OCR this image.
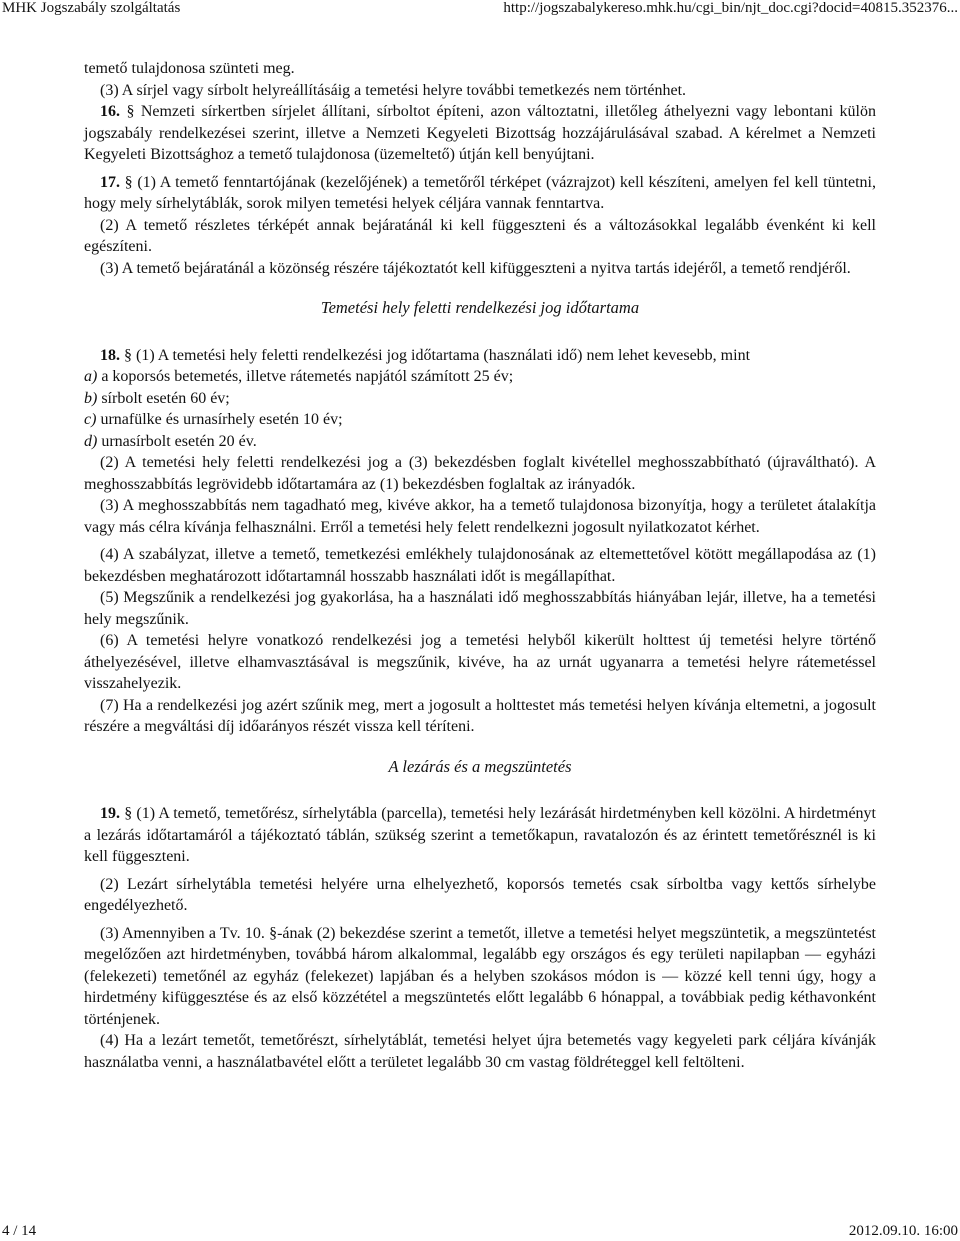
MHK Jogszabály szolgáltatás	http://jogszabalykereso.mhk.hu/cgi_bin/njt_doc.cgi?docid=40815.352376...

temető tulajdonosa szünteti meg.

(3) A sírjel vagy sírbolt helyreállításáig a temetési helyre további temetkezés nem történhet.

16. § Nemzeti sírkertben sírjelet állítani, sírboltot építeni, azon változtatni, illetőleg áthelyezni vagy lebontani külön jogszabály rendelkezései szerint, illetve a Nemzeti Kegyeleti Bizottság hozzájárulásával szabad. A kérelmet a Nemzeti Kegyeleti Bizottsághoz a temető tulajdonosa (üzemeltető) útján kell benyújtani.

17. § (1) A temető fenntartójának (kezelőjének) a temetőről térképet (vázrajzot) kell készíteni, amelyen fel kell tüntetni, hogy mely sírhelytáblák, sorok milyen temetési helyek céljára vannak fenntartva.

(2) A temető részletes térképét annak bejáratánál ki kell függeszteni és a változásokkal legalább évenként ki kell egészíteni.

(3) A temető bejáratánál a közönség részére tájékoztatót kell kifüggeszteni a nyitva tartás idejéről, a temető rendjéről.

Temetési hely feletti rendelkezési jog időtartama

18. § (1) A temetési hely feletti rendelkezési jog időtartama (használati idő) nem lehet kevesebb, mint

a) a koporsós betemetés, illetve rátemetés napjától számított 25 év;

b) sírbolt esetén 60 év;

c) urnafülke és urnasírhely esetén 10 év;

d) urnasírbolt esetén 20 év.

(2) A temetési hely feletti rendelkezési jog a (3) bekezdésben foglalt kivétellel meghosszabbítható (újraváltható). A meghosszabbítás legrövidebb időtartamára az (1) bekezdésben foglaltak az irányadók.

(3) A meghosszabbítás nem tagadható meg, kivéve akkor, ha a temető tulajdonosa bizonyítja, hogy a területet átalakítja vagy más célra kívánja felhasználni. Erről a temetési hely felett rendelkezni jogosult nyilatkozatot kérhet.

(4) A szabályzat, illetve a temető, temetkezési emlékhely tulajdonosának az eltemettetővel kötött megállapodása az (1) bekezdésben meghatározott időtartamnál hosszabb használati időt is megállapíthat.

(5) Megszűnik a rendelkezési jog gyakorlása, ha a használati idő meghosszabbítás hiányában lejár, illetve, ha a temetési hely megszűnik.

(6) A temetési helyre vonatkozó rendelkezési jog a temetési helyből kikerült holttest új temetési helyre történő áthelyezésével, illetve elhamvasztásával is megszűnik, kivéve, ha az urnát ugyanarra a temetési helyre rátemetéssel visszahelyezik.

(7) Ha a rendelkezési jog azért szűnik meg, mert a jogosult a holttestet más temetési helyen kívánja eltemetni, a jogosult részére a megváltási díj időarányos részét vissza kell téríteni.

A lezárás és a megszüntetés

19. § (1) A temető, temetőrész, sírhelytábla (parcella), temetési hely lezárását hirdetményben kell közölni. A hirdetményt a lezárás időtartamáról a tájékoztató táblán, szükség szerint a temetőkapun, ravatalozón és az érintett temetőrésznél is ki kell függeszteni.

(2) Lezárt sírhelytábla temetési helyére urna elhelyezhető, koporsós temetés csak sírboltba vagy kettős sírhelybe engedélyezhető.

(3) Amennyiben a Tv. 10. §-ának (2) bekezdése szerint a temetőt, illetve a temetési helyet megszüntetik, a megszüntetést megelőzően azt hirdetményben, továbbá három alkalommal, legalább egy országos és egy területi napilapban — egyházi (felekezeti) temetőnél az egyház (felekezet) lapjában és a helyben szokásos módon is — közzé kell tenni úgy, hogy a hirdetmény kifüggesztése és az első közzététel a megszüntetés előtt legalább 6 hónappal, a továbbiak pedig kéthavonként történjenek.

(4) Ha a lezárt temetőt, temetőrészt, sírhelytáblát, temetési helyet újra betemetés vagy kegyeleti park céljára kívánják használatba venni, a használatbavétel előtt a területet legalább 30 cm vastag földréteggel kell feltölteni.

4 / 14	2012.09.10. 16:00
